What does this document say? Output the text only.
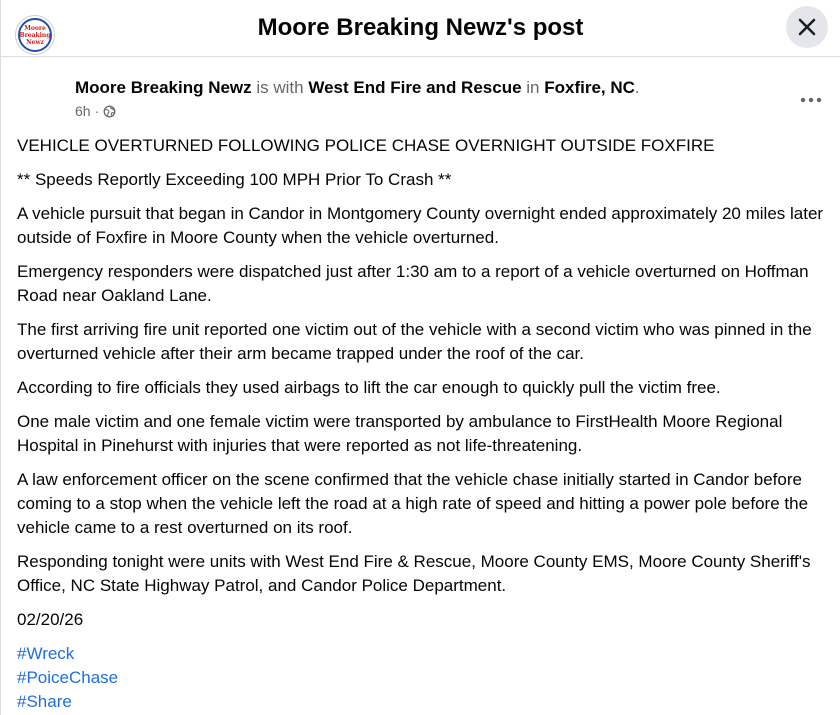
Moore Breaking Newz's post
Moore
Breaking
Newz
Moore Breaking Newz is with West End Fire and Rescue in Foxfire, NC.
6h ·

VEHICLE OVERTURNED FOLLOWING POLICE CHASE OVERNIGHT OUTSIDE FOXFIRE

** Speeds Reportly Exceeding 100 MPH Prior To Crash **

A vehicle pursuit that began in Candor in Montgomery County overnight ended approximately 20 miles later outside of Foxfire in Moore County when the vehicle overturned.

Emergency responders were dispatched just after 1:30 am to a report of a vehicle overturned on Hoffman Road near Oakland Lane.

The first arriving fire unit reported one victim out of the vehicle with a second victim who was pinned in the overturned vehicle after their arm became trapped under the roof of the car.

According to fire officials they used airbags to lift the car enough to quickly pull the victim free.

One male victim and one female victim were transported by ambulance to FirstHealth Moore Regional Hospital in Pinehurst with injuries that were reported as not life-threatening.

A law enforcement officer on the scene confirmed that the vehicle chase initially started in Candor before coming to a stop when the vehicle left the road at a high rate of speed and hitting a power pole before the vehicle came to a rest overturned on its roof.

Responding tonight were units with West End Fire & Rescue, Moore County EMS, Moore County Sheriff's Office, NC State Highway Patrol, and Candor Police Department.

02/20/26

#Wreck
#PoiceChase
#Share
